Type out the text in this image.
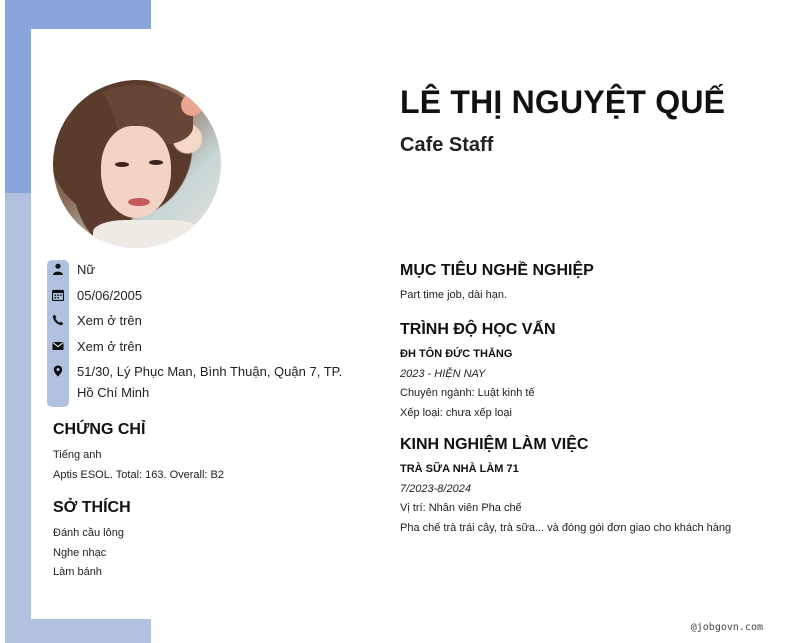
LÊ THỊ NGUYỆT QUẾ
Cafe Staff
Nữ
05/06/2005
Xem ở trên
Xem ở trên
51/30, Lý Phục Man, Bình Thuận, Quận 7, TP. Hồ Chí Minh
CHỨNG CHỈ
Tiếng anh
Aptis ESOL. Total: 163. Overall: B2
SỞ THÍCH
Đánh cầu lông
Nghe nhạc
Làm bánh
MỤC TIÊU NGHỀ NGHIỆP
Part time job, dài hạn.
TRÌNH ĐỘ HỌC VẤN
ĐH TÔN ĐỨC THẮNG
2023 - HIỆN NAY
Chuyên ngành: Luật kinh tế
Xếp loại: chưa xếp loại
KINH NGHIỆM LÀM VIỆC
TRÀ SỮA NHÀ LÀM 71
7/2023-8/2024
Vị trí: Nhân viên Pha chế
Pha chế trà trái cây, trà sữa... và đóng gói đơn giao cho khách hàng
@jobgovn.com
